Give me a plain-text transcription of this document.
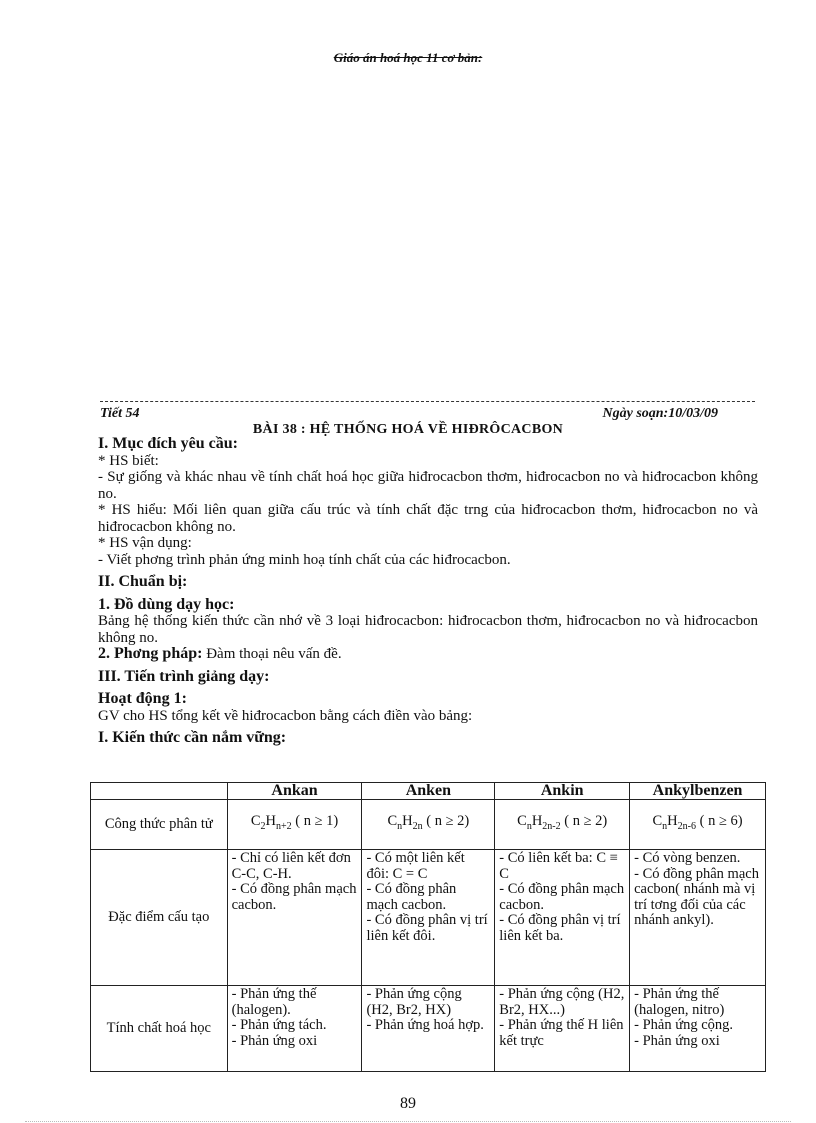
Giáo án hoá học 11 cơ bản:
Tiết 54	Ngày soạn:10/03/09
BÀI 38 : HỆ THỐNG HOÁ VỀ HIĐRÔCACBON

I. Mục đích yêu cầu:

* HS biết:

- Sự giống và khác nhau về tính chất hoá học giữa hiđrocacbon thơm, hiđrocacbon no và hiđrocacbon không no.

* HS hiểu: Mối liên quan giữa cấu trúc và tính chất đặc trng của hiđrocacbon thơm, hiđrocacbon no và hiđrocacbon không no.

* HS vận dụng:

- Viết phơng trình phản ứng minh hoạ tính chất của các hiđrocacbon.

II. Chuẩn bị:

1. Đồ dùng dạy học:

Bảng hệ thống kiến thức cần nhớ về 3 loại hiđrocacbon: hiđrocacbon thơm, hiđrocacbon no và hiđrocacbon không no.

2. Phơng pháp: Đàm thoại nêu vấn đề.

III. Tiến trình giảng dạy:

Hoạt động 1:

GV cho HS tổng kết về hiđrocacbon bằng cách điền vào bảng:

I. Kiến thức cần nắm vững:

	Ankan	Anken	Ankin	Ankylbenzen
Công thức phân tử	$C_2H_{n+2}$ ( n ≥ 1)	$C_nH_{2n}$ ( n ≥ 2)	$C_nH_{2n-2}$ ( n ≥ 2)	$C_nH_{2n-6}$ ( n ≥ 6)
Đặc điểm cấu tạo	- Chỉ có liên kết đơn C-C, C-H.
- Có đồng phân mạch cacbon.	- Có một liên kết đôi: C = C
- Có đồng phân mạch cacbon.
- Có đồng phân vị trí liên kết đôi.	- Có liên kết ba: C ≡ C
- Có đồng phân mạch cacbon.
- Có đồng phân vị trí liên kết ba.	- Có vòng benzen.
- Có đồng phân mạch cacbon( nhánh mà vị trí tơng đối của các nhánh ankyl).
Tính chất hoá học	- Phản ứng thế (halogen).
- Phản ứng tách.
- Phản ứng oxi	- Phản ứng cộng (H2, Br2, HX)
- Phản ứng hoá hợp.	- Phản ứng cộng (H2, Br2, HX...)
- Phản ứng thế H liên kết trực	- Phản ứng thế (halogen, nitro)
- Phản ứng cộng.
- Phản ứng oxi
89
